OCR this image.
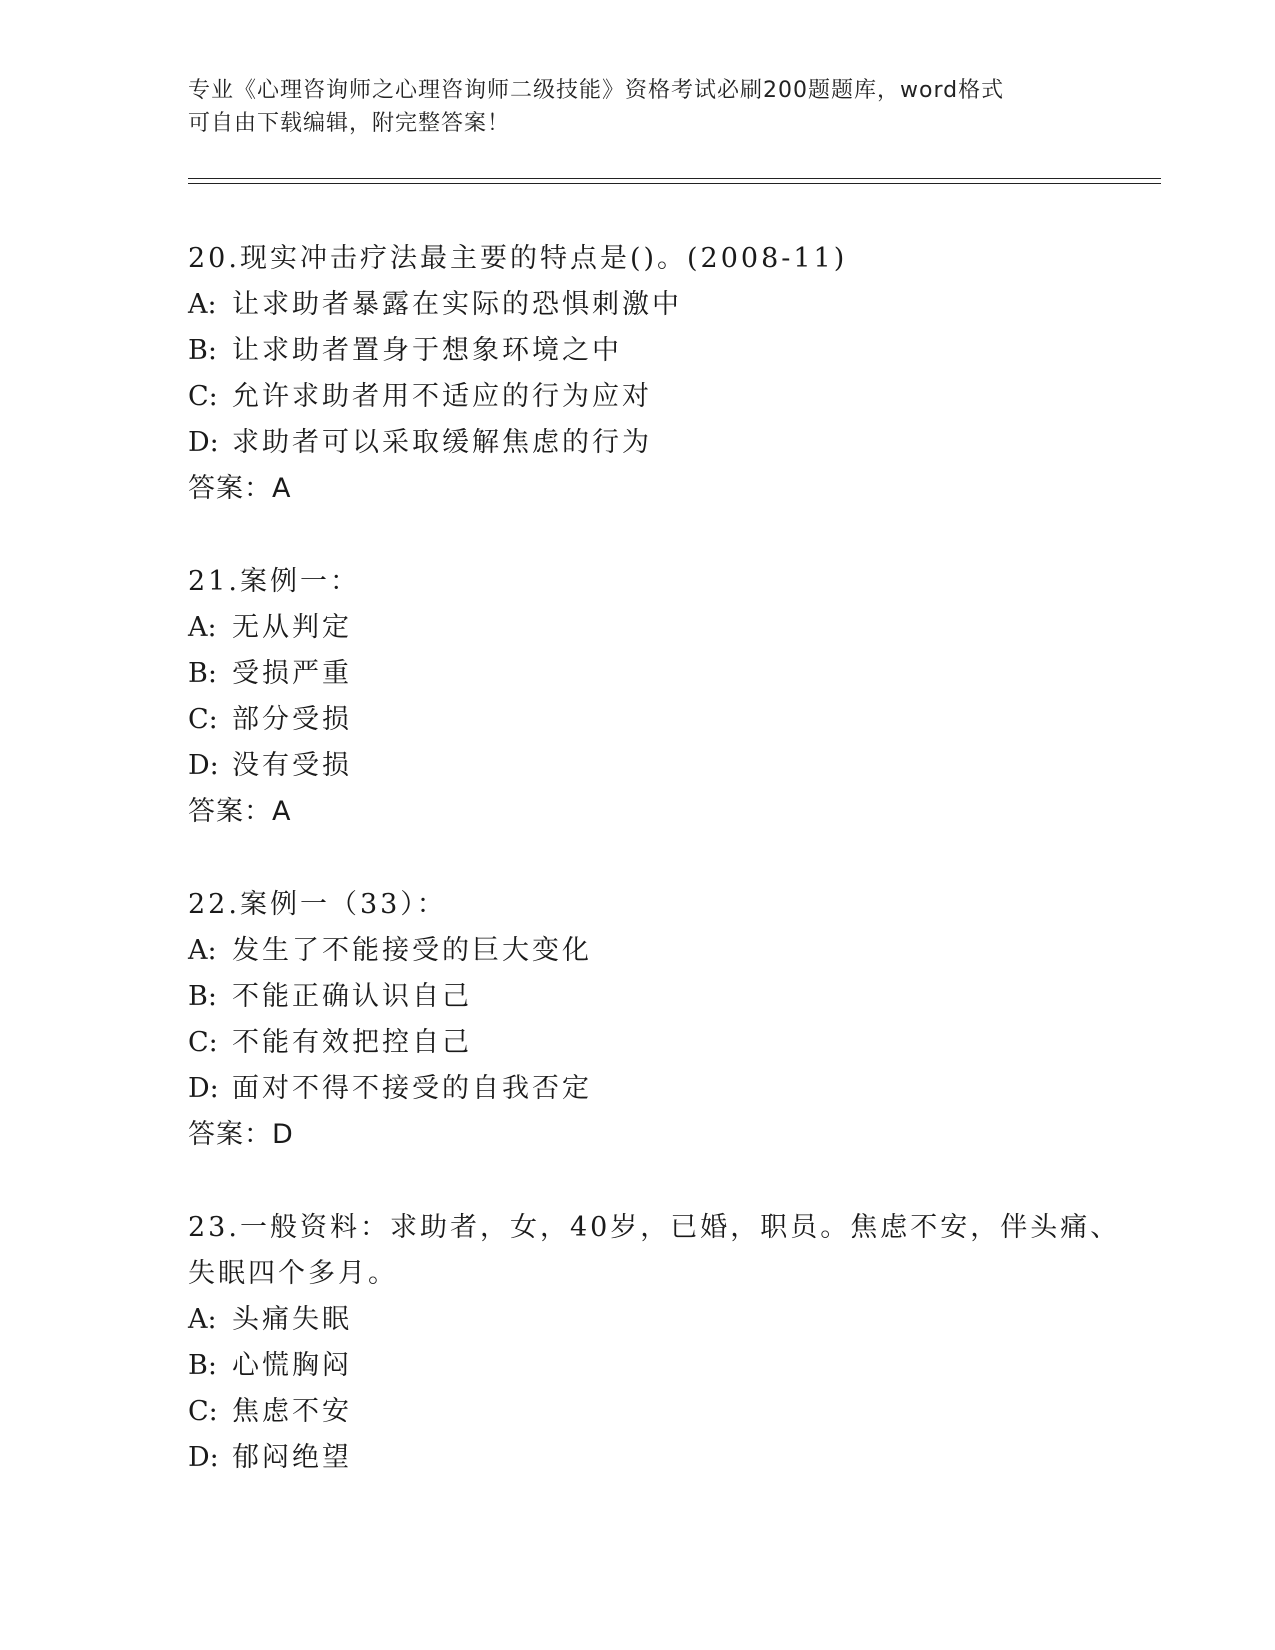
专业《心理咨询师之心理咨询师二级技能》资格考试必刷200题题库，word格式
可自由下载编辑，附完整答案！
20.现实冲击疗法最主要的特点是()。(2008-11)
A: 让求助者暴露在实际的恐惧刺激中
B: 让求助者置身于想象环境之中
C: 允许求助者用不适应的行为应对
D: 求助者可以采取缓解焦虑的行为
答案：A
21.案例一：
A: 无从判定
B: 受损严重
C: 部分受损
D: 没有受损
答案：A
22.案例一（33）：
A: 发生了不能接受的巨大变化
B: 不能正确认识自己
C: 不能有效把控自己
D: 面对不得不接受的自我否定
答案：D
23.一般资料：求助者，女，40岁，已婚，职员。焦虑不安，伴头痛、
失眠四个多月。
A: 头痛失眠
B: 心慌胸闷
C: 焦虑不安
D: 郁闷绝望
